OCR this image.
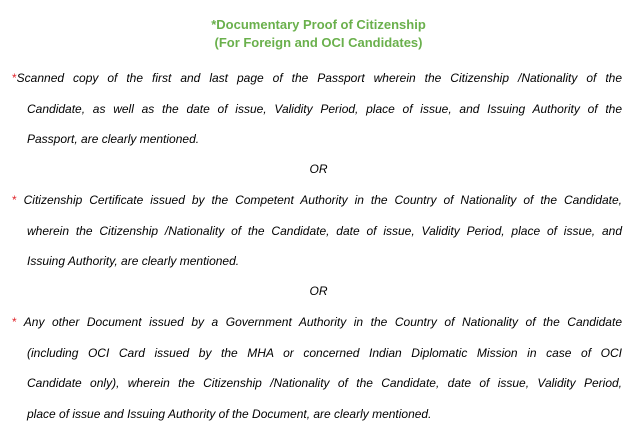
*Documentary Proof of Citizenship
(For Foreign and OCI Candidates)
*Scanned copy of the first and last page of the Passport wherein the Citizenship /Nationality of the
Candidate, as well as the date of issue, Validity Period, place of issue, and Issuing Authority of the
Passport, are clearly mentioned.
OR
* Citizenship Certificate issued by the Competent Authority in the Country of Nationality of the Candidate,
wherein the Citizenship /Nationality of the Candidate, date of issue, Validity Period, place of issue, and
Issuing Authority, are clearly mentioned.
OR
* Any other Document issued by a Government Authority in the Country of Nationality of the Candidate
(including OCI Card issued by the MHA or concerned Indian Diplomatic Mission in case of OCI
Candidate only), wherein the Citizenship /Nationality of the Candidate, date of issue, Validity Period,
place of issue and Issuing Authority of the Document, are clearly mentioned.
